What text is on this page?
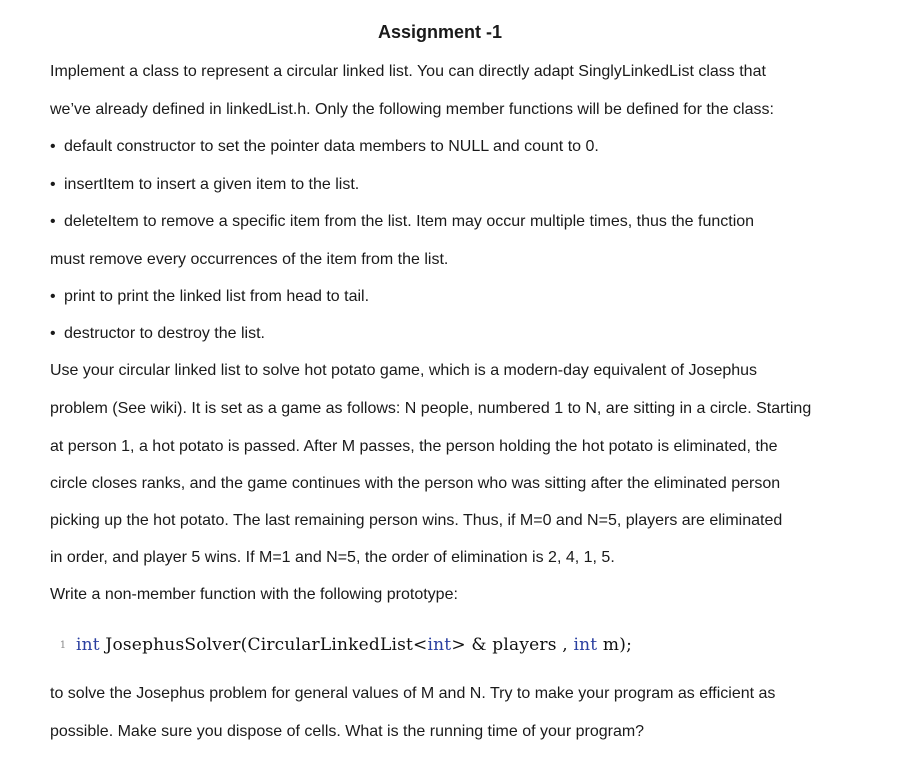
Assignment -1
Implement a class to represent a circular linked list. You can directly adapt SinglyLinkedList class that
we’ve already defined in linkedList.h. Only the following member functions will be defined for the class:
• default constructor to set the pointer data members to NULL and count to 0.
• insertItem to insert a given item to the list.
• deleteItem to remove a specific item from the list. Item may occur multiple times, thus the function
must remove every occurrences of the item from the list.
• print to print the linked list from head to tail.
• destructor to destroy the list.
Use your circular linked list to solve hot potato game, which is a modern-day equivalent of Josephus
problem (See wiki). It is set as a game as follows: N people, numbered 1 to N, are sitting in a circle. Starting
at person 1, a hot potato is passed. After M passes, the person holding the hot potato is eliminated, the
circle closes ranks, and the game continues with the person who was sitting after the eliminated person
picking up the hot potato. The last remaining person wins. Thus, if M=0 and N=5, players are eliminated
in order, and player 5 wins. If M=1 and N=5, the order of elimination is 2, 4, 1, 5.
Write a non-member function with the following prototype:
1 int JosephusSolver(CircularLinkedList<int> & players , int m);
to solve the Josephus problem for general values of M and N. Try to make your program as efficient as
possible. Make sure you dispose of cells. What is the running time of your program?
